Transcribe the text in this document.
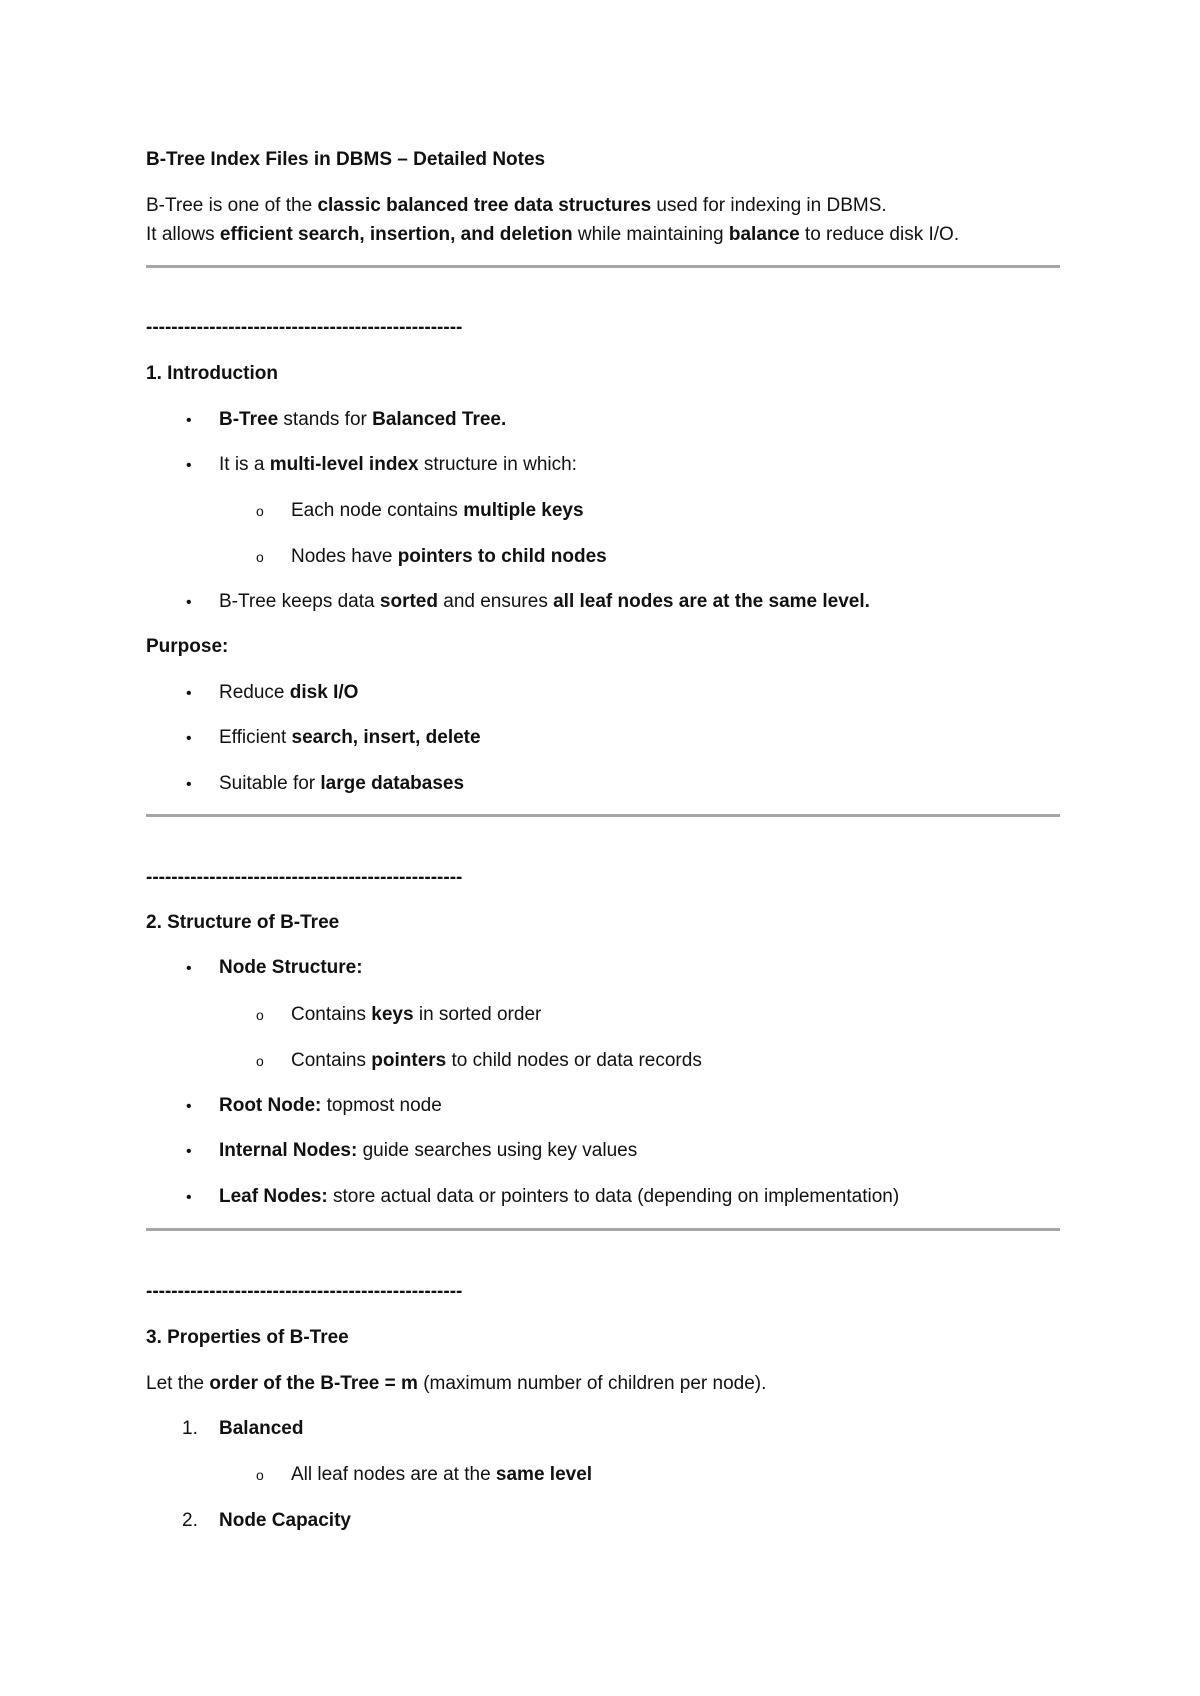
B-Tree Index Files in DBMS – Detailed Notes
B-Tree is one of the classic balanced tree data structures used for indexing in DBMS.
It allows efficient search, insertion, and deletion while maintaining balance to reduce disk I/O.
--------------------------------------------------
1. Introduction
• B-Tree stands for Balanced Tree.
• It is a multi-level index structure in which:
o Each node contains multiple keys
o Nodes have pointers to child nodes
• B-Tree keeps data sorted and ensures all leaf nodes are at the same level.
Purpose:
• Reduce disk I/O
• Efficient search, insert, delete
• Suitable for large databases
--------------------------------------------------
2. Structure of B-Tree
• Node Structure:
o Contains keys in sorted order
o Contains pointers to child nodes or data records
• Root Node: topmost node
• Internal Nodes: guide searches using key values
• Leaf Nodes: store actual data or pointers to data (depending on implementation)
--------------------------------------------------
3. Properties of B-Tree
Let the order of the B-Tree = m (maximum number of children per node).
1. Balanced
o All leaf nodes are at the same level
2. Node Capacity
